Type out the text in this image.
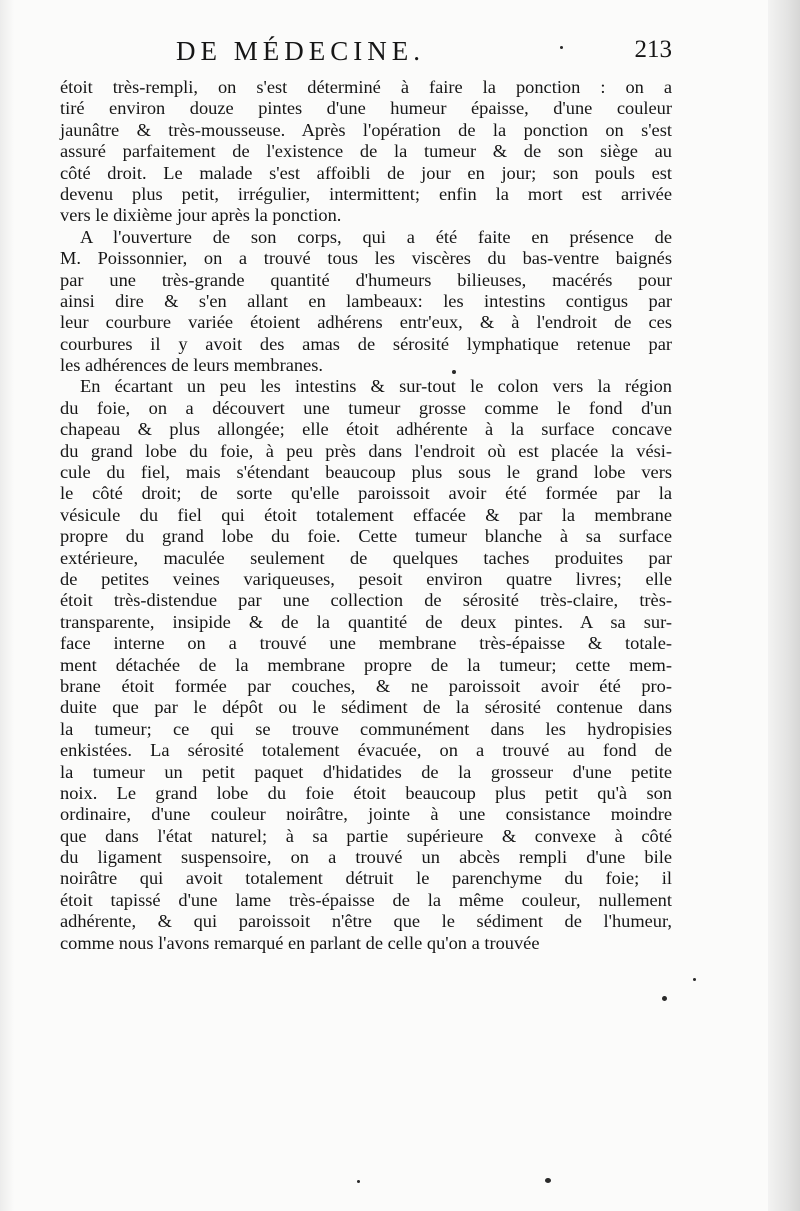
DE MÉDECINE.	213
étoit très-rempli, on s'est déterminé à faire la ponction : on a
tiré environ douze pintes d'une humeur épaisse, d'une couleur
jaunâtre & très-mousseuse. Après l'opération de la ponction on s'est
assuré parfaitement de l'existence de la tumeur & de son siège au
côté droit. Le malade s'est affoibli de jour en jour; son pouls est
devenu plus petit, irrégulier, intermittent; enfin la mort est arrivée
vers le dixième jour après la ponction.
A l'ouverture de son corps, qui a été faite en présence de
M. Poissonnier, on a trouvé tous les viscères du bas-ventre baignés
par une très-grande quantité d'humeurs bilieuses, macérés pour
ainsi dire & s'en allant en lambeaux: les intestins contigus par
leur courbure variée étoient adhérens entr'eux, & à l'endroit de ces
courbures il y avoit des amas de sérosité lymphatique retenue par
les adhérences de leurs membranes.
En écartant un peu les intestins & sur-tout le colon vers la région
du foie, on a découvert une tumeur grosse comme le fond d'un
chapeau & plus allongée; elle étoit adhérente à la surface concave
du grand lobe du foie, à peu près dans l'endroit où est placée la vési-
cule du fiel, mais s'étendant beaucoup plus sous le grand lobe vers
le côté droit; de sorte qu'elle paroissoit avoir été formée par la
vésicule du fiel qui étoit totalement effacée & par la membrane
propre du grand lobe du foie. Cette tumeur blanche à sa surface
extérieure, maculée seulement de quelques taches produites par
de petites veines variqueuses, pesoit environ quatre livres; elle
étoit très-distendue par une collection de sérosité très-claire, très-
transparente, insipide & de la quantité de deux pintes. A sa sur-
face interne on a trouvé une membrane très-épaisse & totale-
ment détachée de la membrane propre de la tumeur; cette mem-
brane étoit formée par couches, & ne paroissoit avoir été pro-
duite que par le dépôt ou le sédiment de la sérosité contenue dans
la tumeur; ce qui se trouve communément dans les hydropisies
enkistées. La sérosité totalement évacuée, on a trouvé au fond de
la tumeur un petit paquet d'hidatides de la grosseur d'une petite
noix. Le grand lobe du foie étoit beaucoup plus petit qu'à son
ordinaire, d'une couleur noirâtre, jointe à une consistance moindre
que dans l'état naturel; à sa partie supérieure & convexe à côté
du ligament suspensoire, on a trouvé un abcès rempli d'une bile
noirâtre qui avoit totalement détruit le parenchyme du foie; il
étoit tapissé d'une lame très-épaisse de la même couleur, nullement
adhérente, & qui paroissoit n'être que le sédiment de l'humeur,
comme nous l'avons remarqué en parlant de celle qu'on a trouvée
